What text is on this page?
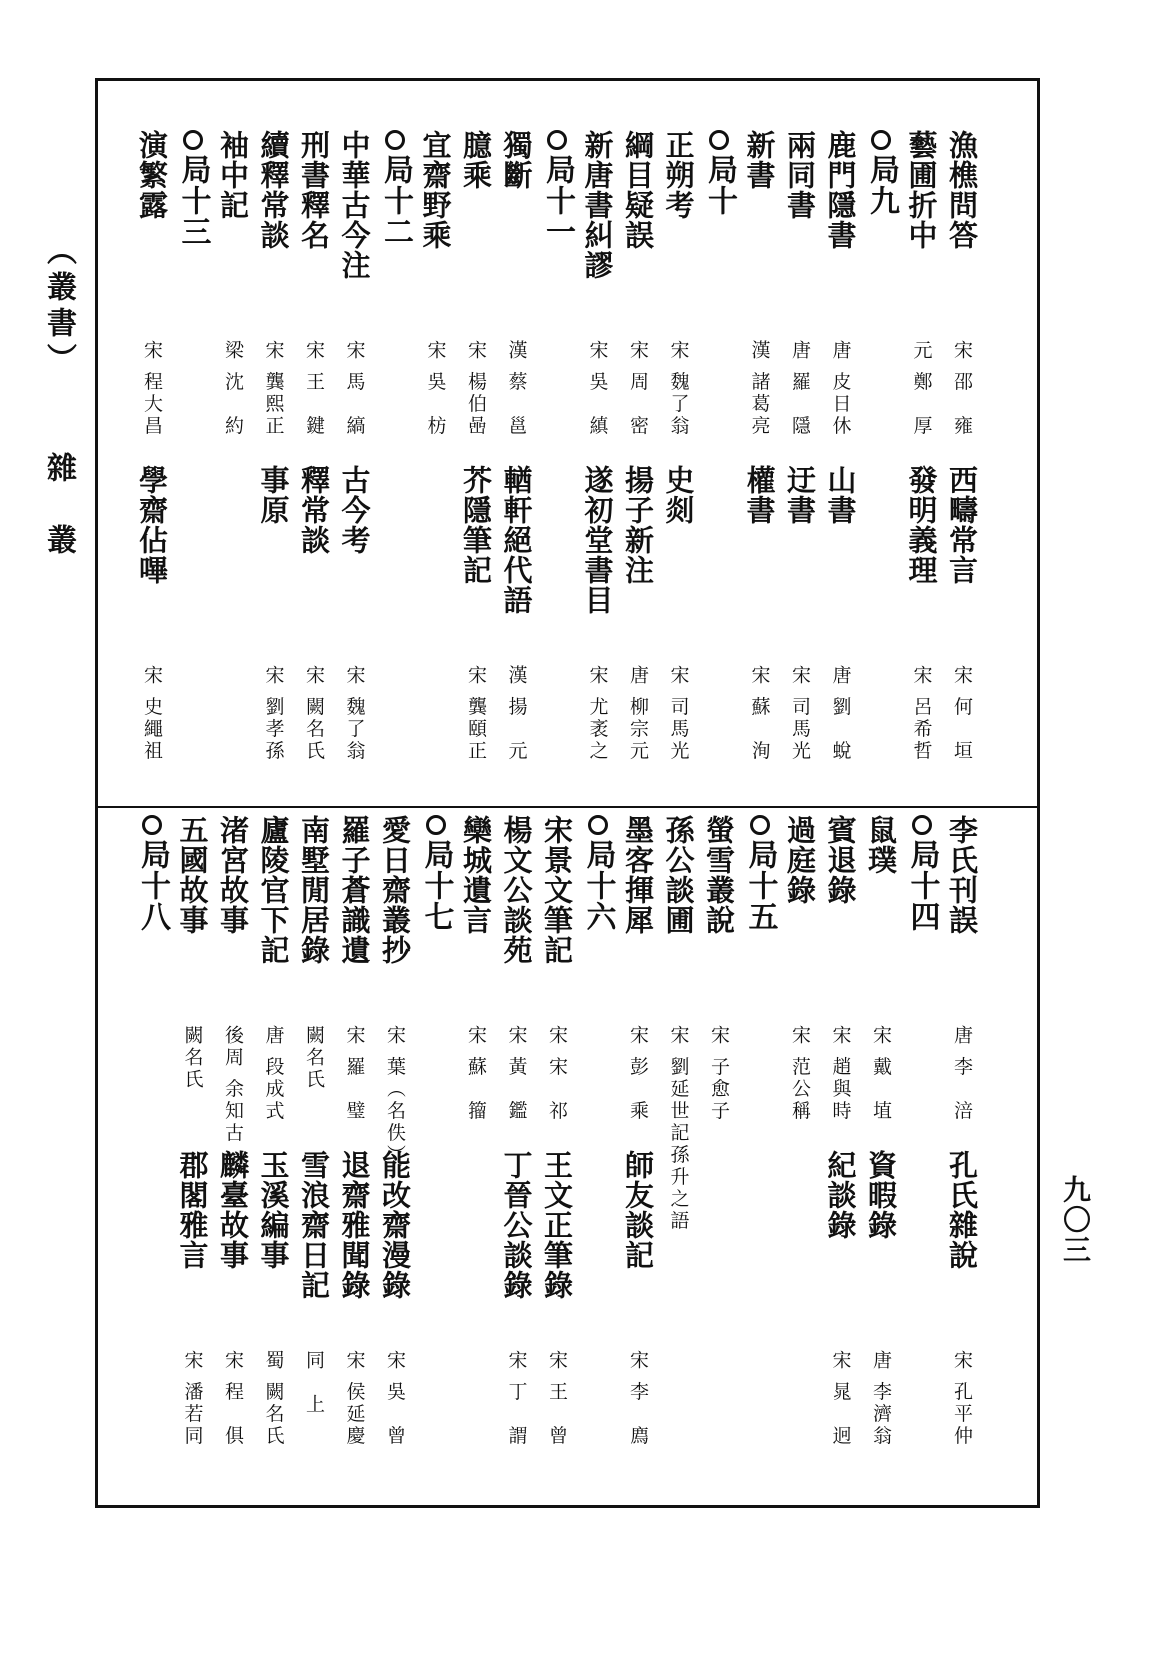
（叢書）  雜　叢
九〇三
漁樵問答
宋 邵　雍
西疇常言
宋 何　垣
藝圃折中
元 鄭　厚
發明義理
宋 呂希哲
局九
鹿門隱書
唐 皮日休
山書
唐 劉　蛻
兩同書
唐 羅　隱
迂書
宋 司馬光
新書
漢 諸葛亮
權書
宋 蘇　洵
局十
正朔考
宋 魏了翁
史剡
宋 司馬光
綱目疑誤
宋 周　密
揚子新注
唐 柳宗元
新唐書糾謬
宋 吳　縝
遂初堂書目
宋 尤袤之
局十一
獨斷
漢 蔡　邕
輶軒絕代語
漢 揚　元
臆乘
宋 楊伯喦
芥隱筆記
宋 龔頤正
宜齋野乘
宋 吳　枋
局十二
中華古今注
宋 馬　縞
古今考
宋 魏了翁
刑書釋名
宋 王　鍵
釋常談
宋 闕名氏
續釋常談
宋 龔熙正
事原
宋 劉孝孫
袖中記
梁 沈　約
局十三
演繁露
宋 程大昌
學齋佔嗶
宋 史繩祖
李氏刊誤
唐 李　涪
孔氏雜說
宋 孔平仲
局十四
鼠璞
宋 戴　埴
資暇錄
唐 李濟翁
賓退錄
宋 趙與時
紀談錄
宋 晁　迥
過庭錄
宋 范公稱
局十五
螢雪叢說
宋 子愈子
孫公談圃
宋 劉延世記孫升之語
墨客揮犀
宋 彭　乘
師友談記
宋 李　廌
局十六
宋景文筆記
宋 宋　祁
王文正筆錄
宋 王　曾
楊文公談苑
宋 黃　鑑
丁晉公談錄
宋 丁　謂
欒城遺言
宋 蘇　籀
局十七
愛日齋叢抄
宋 葉（名佚）
能改齋漫錄
宋 吳　曾
羅子蒼識遺
宋 羅　璧
退齋雅聞錄
宋 侯延慶
南墅閒居錄
闕名氏
雪浪齋日記
同　上
廬陵官下記
唐 段成式
玉溪編事
蜀 闕名氏
渚宮故事
後周 余知古
麟臺故事
宋 程　俱
五國故事
闕名氏
郡閣雅言
宋 潘若同
局十八
